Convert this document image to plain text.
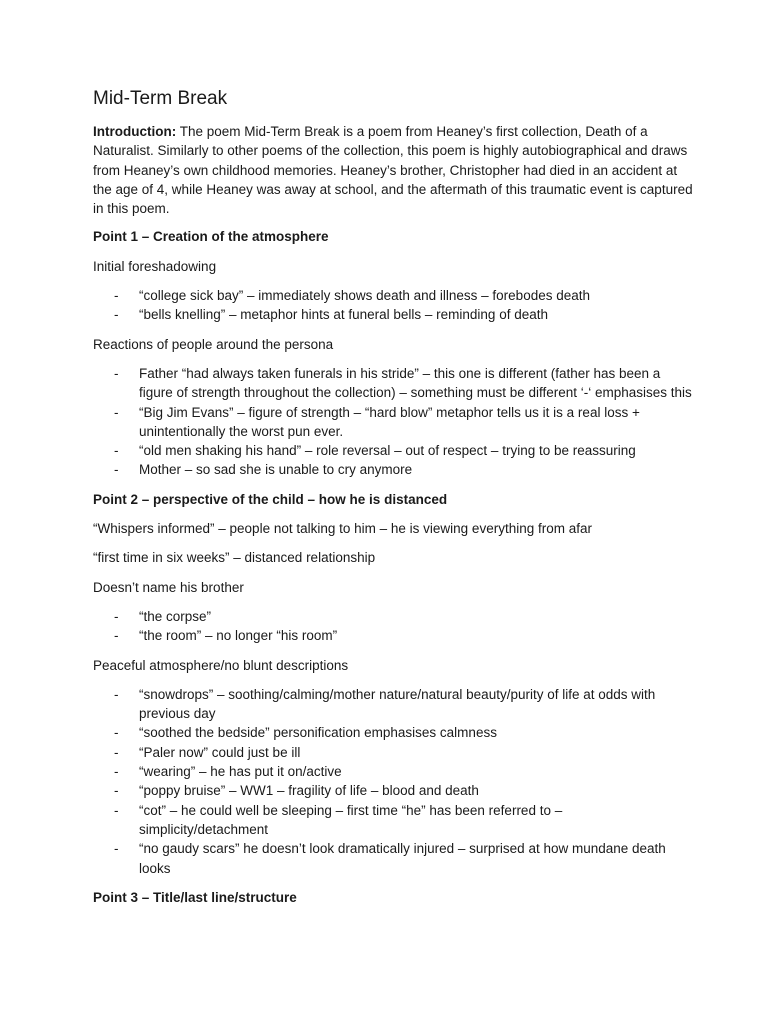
Mid-Term Break

Introduction: The poem Mid-Term Break is a poem from Heaney’s first collection, Death of a Naturalist. Similarly to other poems of the collection, this poem is highly autobiographical and draws from Heaney’s own childhood memories. Heaney’s brother, Christopher had died in an accident at the age of 4, while Heaney was away at school, and the aftermath of this traumatic event is captured in this poem.

Point 1 – Creation of the atmosphere

Initial foreshadowing

- “college sick bay” – immediately shows death and illness – forebodes death
- “bells knelling” – metaphor hints at funeral bells – reminding of death

Reactions of people around the persona

- Father “had always taken funerals in his stride” – this one is different (father has been a figure of strength throughout the collection) – something must be different ‘-‘ emphasises this
- “Big Jim Evans” – figure of strength – “hard blow” metaphor tells us it is a real loss + unintentionally the worst pun ever.
- “old men shaking his hand” – role reversal – out of respect – trying to be reassuring
- Mother – so sad she is unable to cry anymore

Point 2 – perspective of the child – how he is distanced

“Whispers informed” – people not talking to him – he is viewing everything from afar

“first time in six weeks” – distanced relationship

Doesn’t name his brother

- “the corpse”
- “the room” – no longer “his room”

Peaceful atmosphere/no blunt descriptions

- “snowdrops” – soothing/calming/mother nature/natural beauty/purity of life at odds with previous day
- “soothed the bedside” personification emphasises calmness
- “Paler now” could just be ill
- “wearing” – he has put it on/active
- “poppy bruise” – WW1 – fragility of life – blood and death
- “cot” – he could well be sleeping – first time “he” has been referred to – simplicity/detachment
- “no gaudy scars” he doesn’t look dramatically injured – surprised at how mundane death looks

Point 3 – Title/last line/structure
